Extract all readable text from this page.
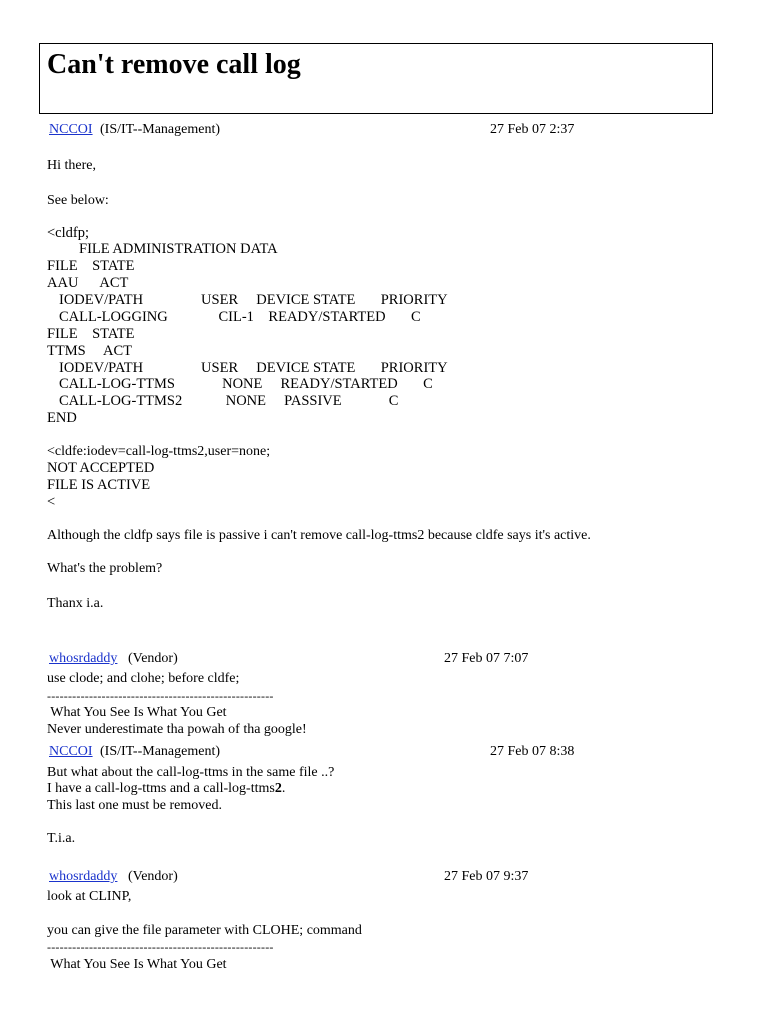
Can't remove call log
NCCOI (IS/IT--Management)	27 Feb 07 2:37
Hi there,
See below:
<cldfp;
FILE ADMINISTRATION DATA
FILE    STATE
AAU      ACT
IODEV/PATH                USER     DEVICE STATE       PRIORITY
CALL-LOGGING              CIL-1    READY/STARTED       C
FILE    STATE
TTMS     ACT
IODEV/PATH                USER     DEVICE STATE       PRIORITY
CALL-LOG-TTMS             NONE     READY/STARTED       C
CALL-LOG-TTMS2            NONE     PASSIVE             C
END
<cldfe:iodev=call-log-ttms2,user=none;
NOT ACCEPTED
FILE IS ACTIVE
<
Although the cldfp says file is passive i can't remove call-log-ttms2 because cldfe says it's active.
What's the problem?
Thanx i.a.
whosrdaddy (Vendor)	27 Feb 07 7:07
use clode; and clohe; before cldfe;
------------------------------------------------------
What You See Is What You Get
Never underestimate tha powah of tha google!
NCCOI (IS/IT--Management)	27 Feb 07 8:38
But what about the call-log-ttms in the same file ..?
I have a call-log-ttms and a call-log-ttms2.
This last one must be removed.
T.i.a.
whosrdaddy (Vendor)	27 Feb 07 9:37
look at CLINP,
you can give the file parameter with CLOHE; command
------------------------------------------------------
What You See Is What You Get
